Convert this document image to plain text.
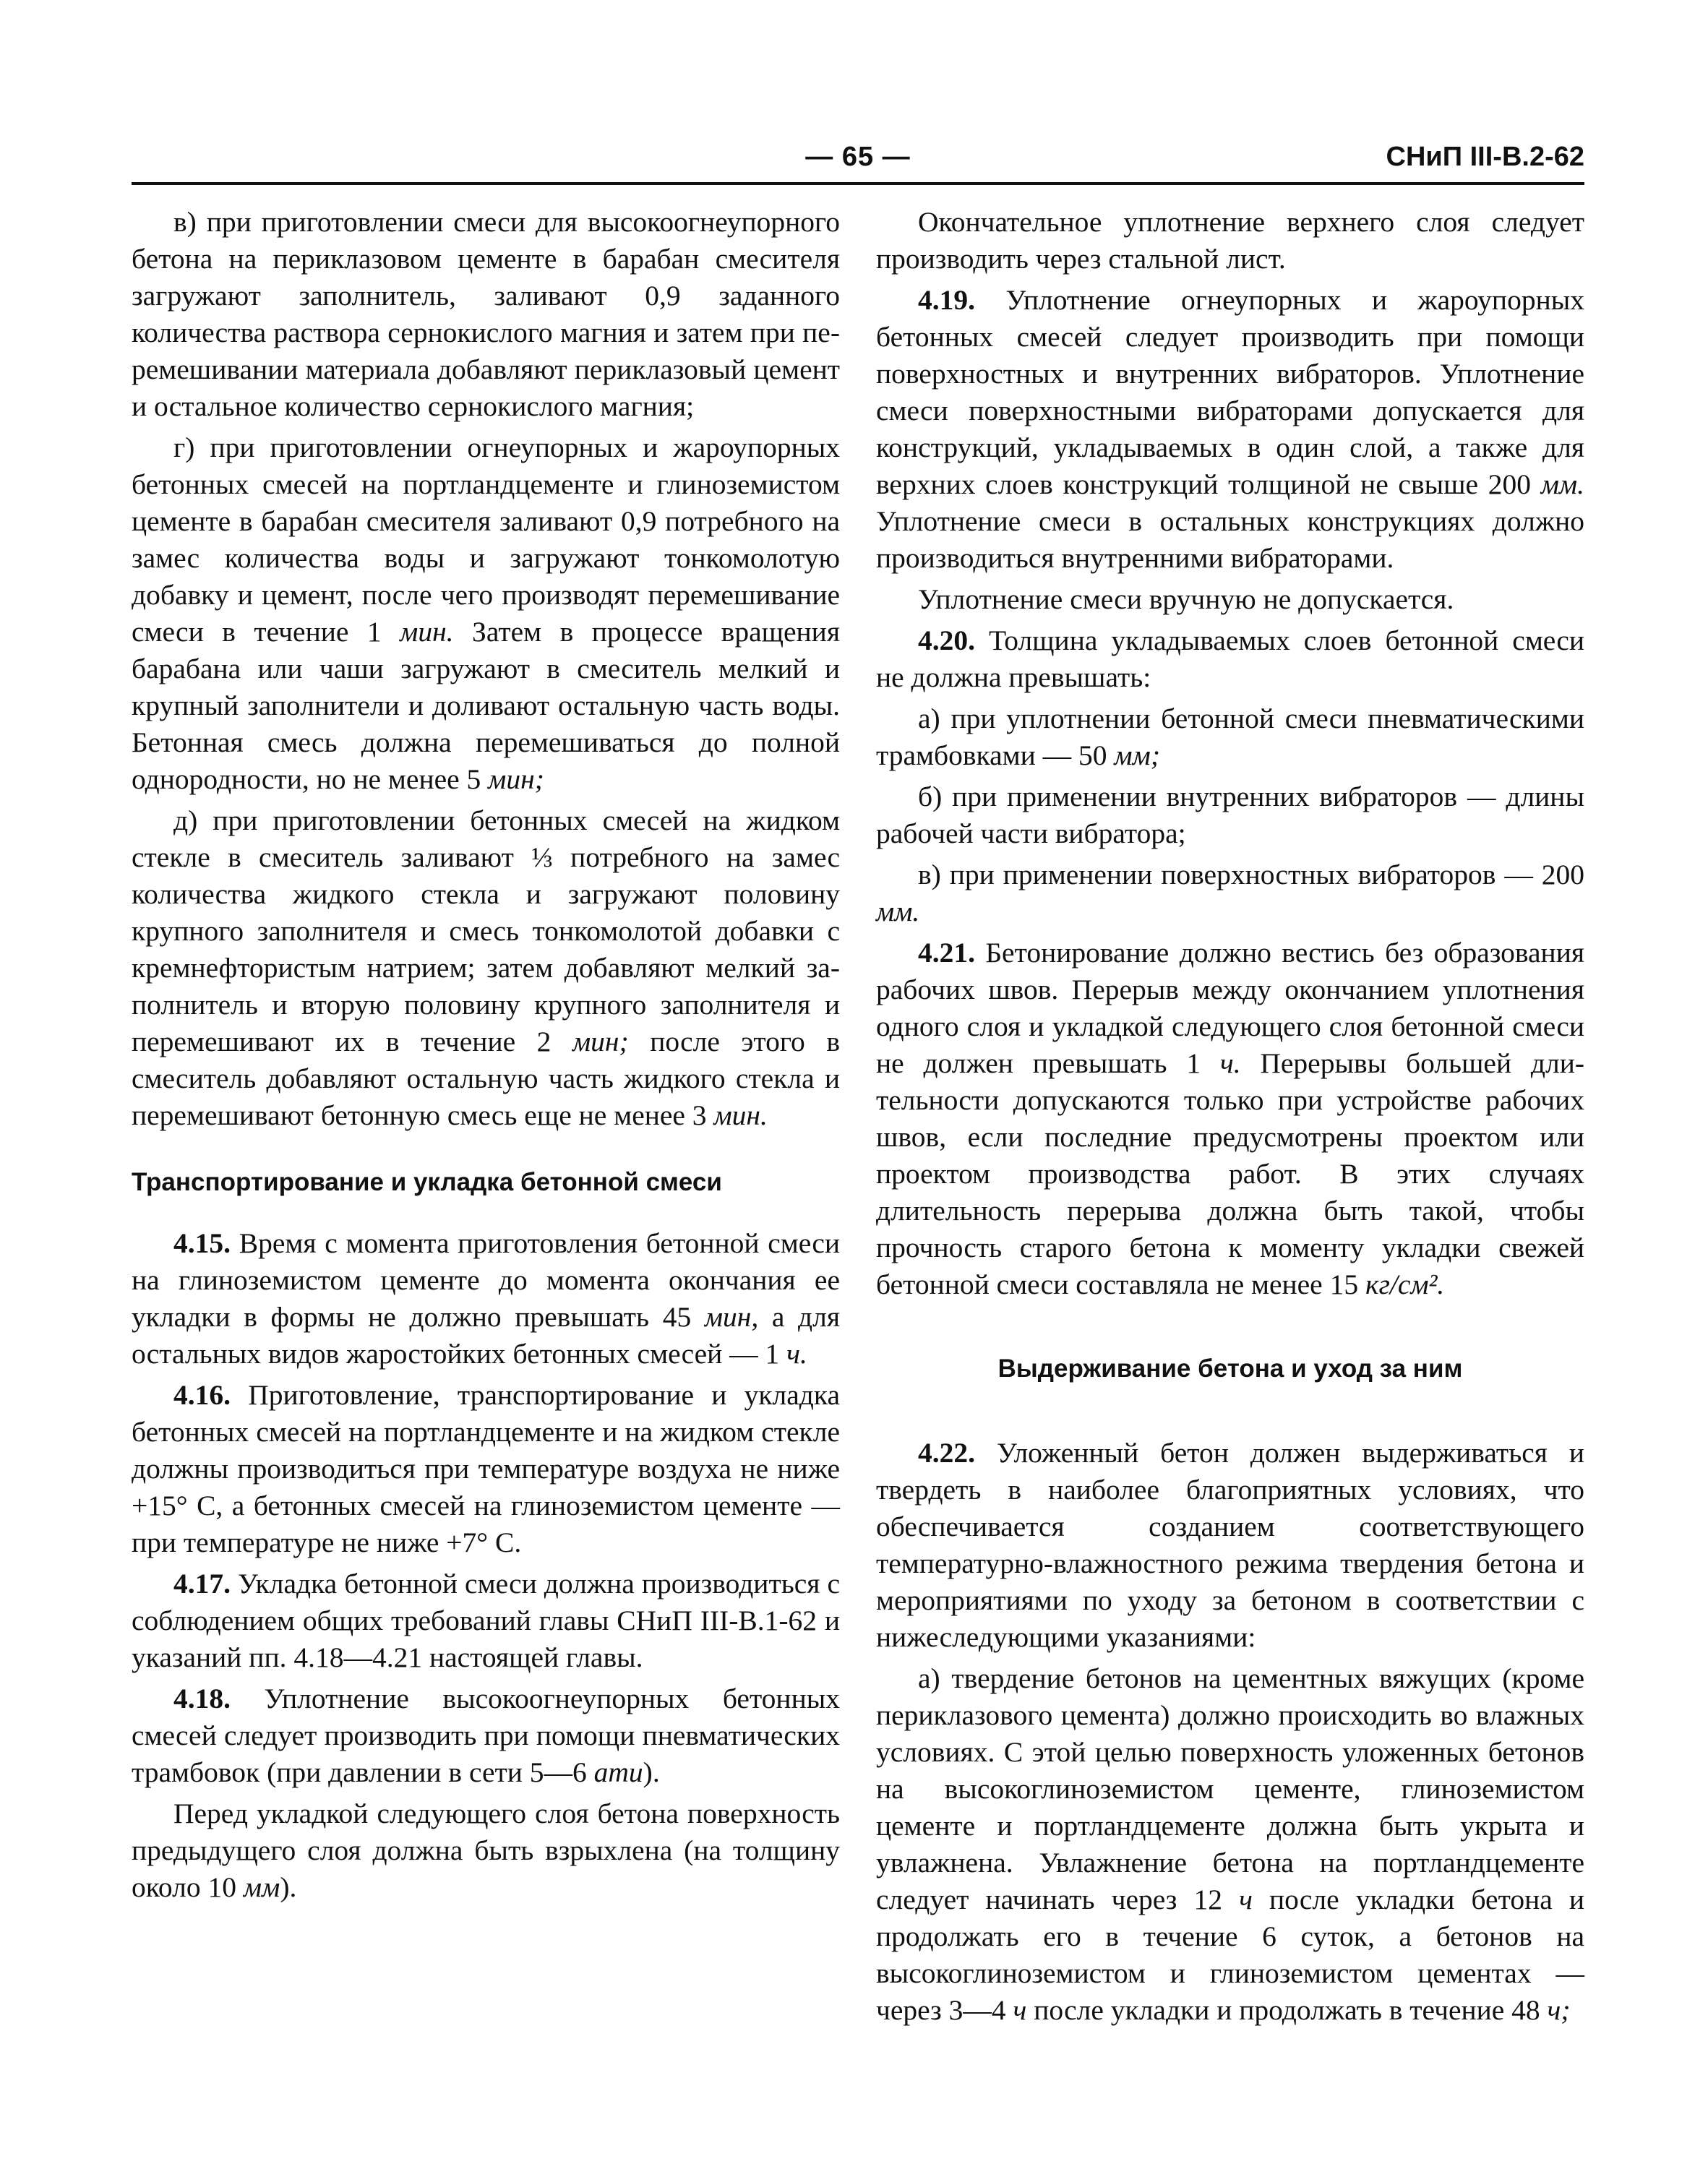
— 65 —	СНиП III-В.2-62

в) при приготовлении смеси для высокоогнеупорного бетона на периклазовом цементе в барабан смесителя загружают заполнитель, заливают 0,9 заданного количества раствора сернокислого магния и затем при перемешивании материала добавляют периклазовый цемент и остальное количество сернокислого магния;

г) при приготовлении огнеупорных и жароупорных бетонных смесей на портландцементе и глиноземистом цементе в барабан смесителя заливают 0,9 потребного на замес количества воды и загружают тонкомолотую добавку и цемент, после чего производят перемешивание смеси в течение 1 мин. Затем в процессе вращения барабана или чаши загружают в смеситель мелкий и крупный заполнители и доливают остальную часть воды. Бетонная смесь должна перемешиваться до полной однородности, но не менее 5 мин;

д) при приготовлении бетонных смесей на жидком стекле в смеситель заливают ⅓ потребного на замес количества жидкого стекла и загружают половину крупного заполнителя и смесь тонкомолотой добавки с кремнефтористым натрием; затем добавляют мелкий заполнитель и вторую половину крупного заполнителя и перемешивают их в течение 2 мин; после этого в смеситель добавляют остальную часть жидкого стекла и перемешивают бетонную смесь еще не менее 3 мин.

Транспортирование и укладка бетонной смеси

4.15. Время с момента приготовления бетонной смеси на глиноземистом цементе до момента окончания ее укладки в формы не должно превышать 45 мин, а для остальных видов жаростойких бетонных смесей — 1 ч.

4.16. Приготовление, транспортирование и укладка бетонных смесей на портландцементе и на жидком стекле должны производиться при температуре воздуха не ниже +15° С, а бетонных смесей на глиноземистом цементе — при температуре не ниже +7° С.

4.17. Укладка бетонной смеси должна производиться с соблюдением общих требований главы СНиП III-В.1-62 и указаний пп. 4.18—4.21 настоящей главы.

4.18. Уплотнение высокоогнеупорных бетонных смесей следует производить при помощи пневматических трамбовок (при давлении в сети 5—6 ати).

Перед укладкой следующего слоя бетона поверхность предыдущего слоя должна быть взрыхлена (на толщину около 10 мм).

Окончательное уплотнение верхнего слоя следует производить через стальной лист.

4.19. Уплотнение огнеупорных и жароупорных бетонных смесей следует производить при помощи поверхностных и внутренних вибраторов. Уплотнение смеси поверхностными вибраторами допускается для конструкций, укладываемых в один слой, а также для верхних слоев конструкций толщиной не свыше 200 мм. Уплотнение смеси в остальных конструкциях должно производиться внутренними вибраторами.

Уплотнение смеси вручную не допускается.

4.20. Толщина укладываемых слоев бетонной смеси не должна превышать:

а) при уплотнении бетонной смеси пневматическими трамбовками — 50 мм;

б) при применении внутренних вибраторов — длины рабочей части вибратора;

в) при применении поверхностных вибраторов — 200 мм.

4.21. Бетонирование должно вестись без образования рабочих швов. Перерыв между окончанием уплотнения одного слоя и укладкой следующего слоя бетонной смеси не должен превышать 1 ч. Перерывы большей длительности допускаются только при устройстве рабочих швов, если последние предусмотрены проектом или проектом производства работ. В этих случаях длительность перерыва должна быть такой, чтобы прочность старого бетона к моменту укладки свежей бетонной смеси составляла не менее 15 кг/см².

Выдерживание бетона и уход за ним

4.22. Уложенный бетон должен выдерживаться и твердеть в наиболее благоприятных условиях, что обеспечивается созданием соответствующего температурно-влажностного режима твердения бетона и мероприятиями по уходу за бетоном в соответствии с нижеследующими указаниями:

а) твердение бетонов на цементных вяжущих (кроме периклазового цемента) должно происходить во влажных условиях. С этой целью поверхность уложенных бетонов на высокоглиноземистом цементе, глиноземистом цементе и портландцементе должна быть укрыта и увлажнена. Увлажнение бетона на портландцементе следует начинать через 12 ч после укладки бетона и продолжать его в течение 6 суток, а бетонов на высокоглиноземистом и глиноземистом цементах — через 3—4 ч после укладки и продолжать в течение 48 ч;
